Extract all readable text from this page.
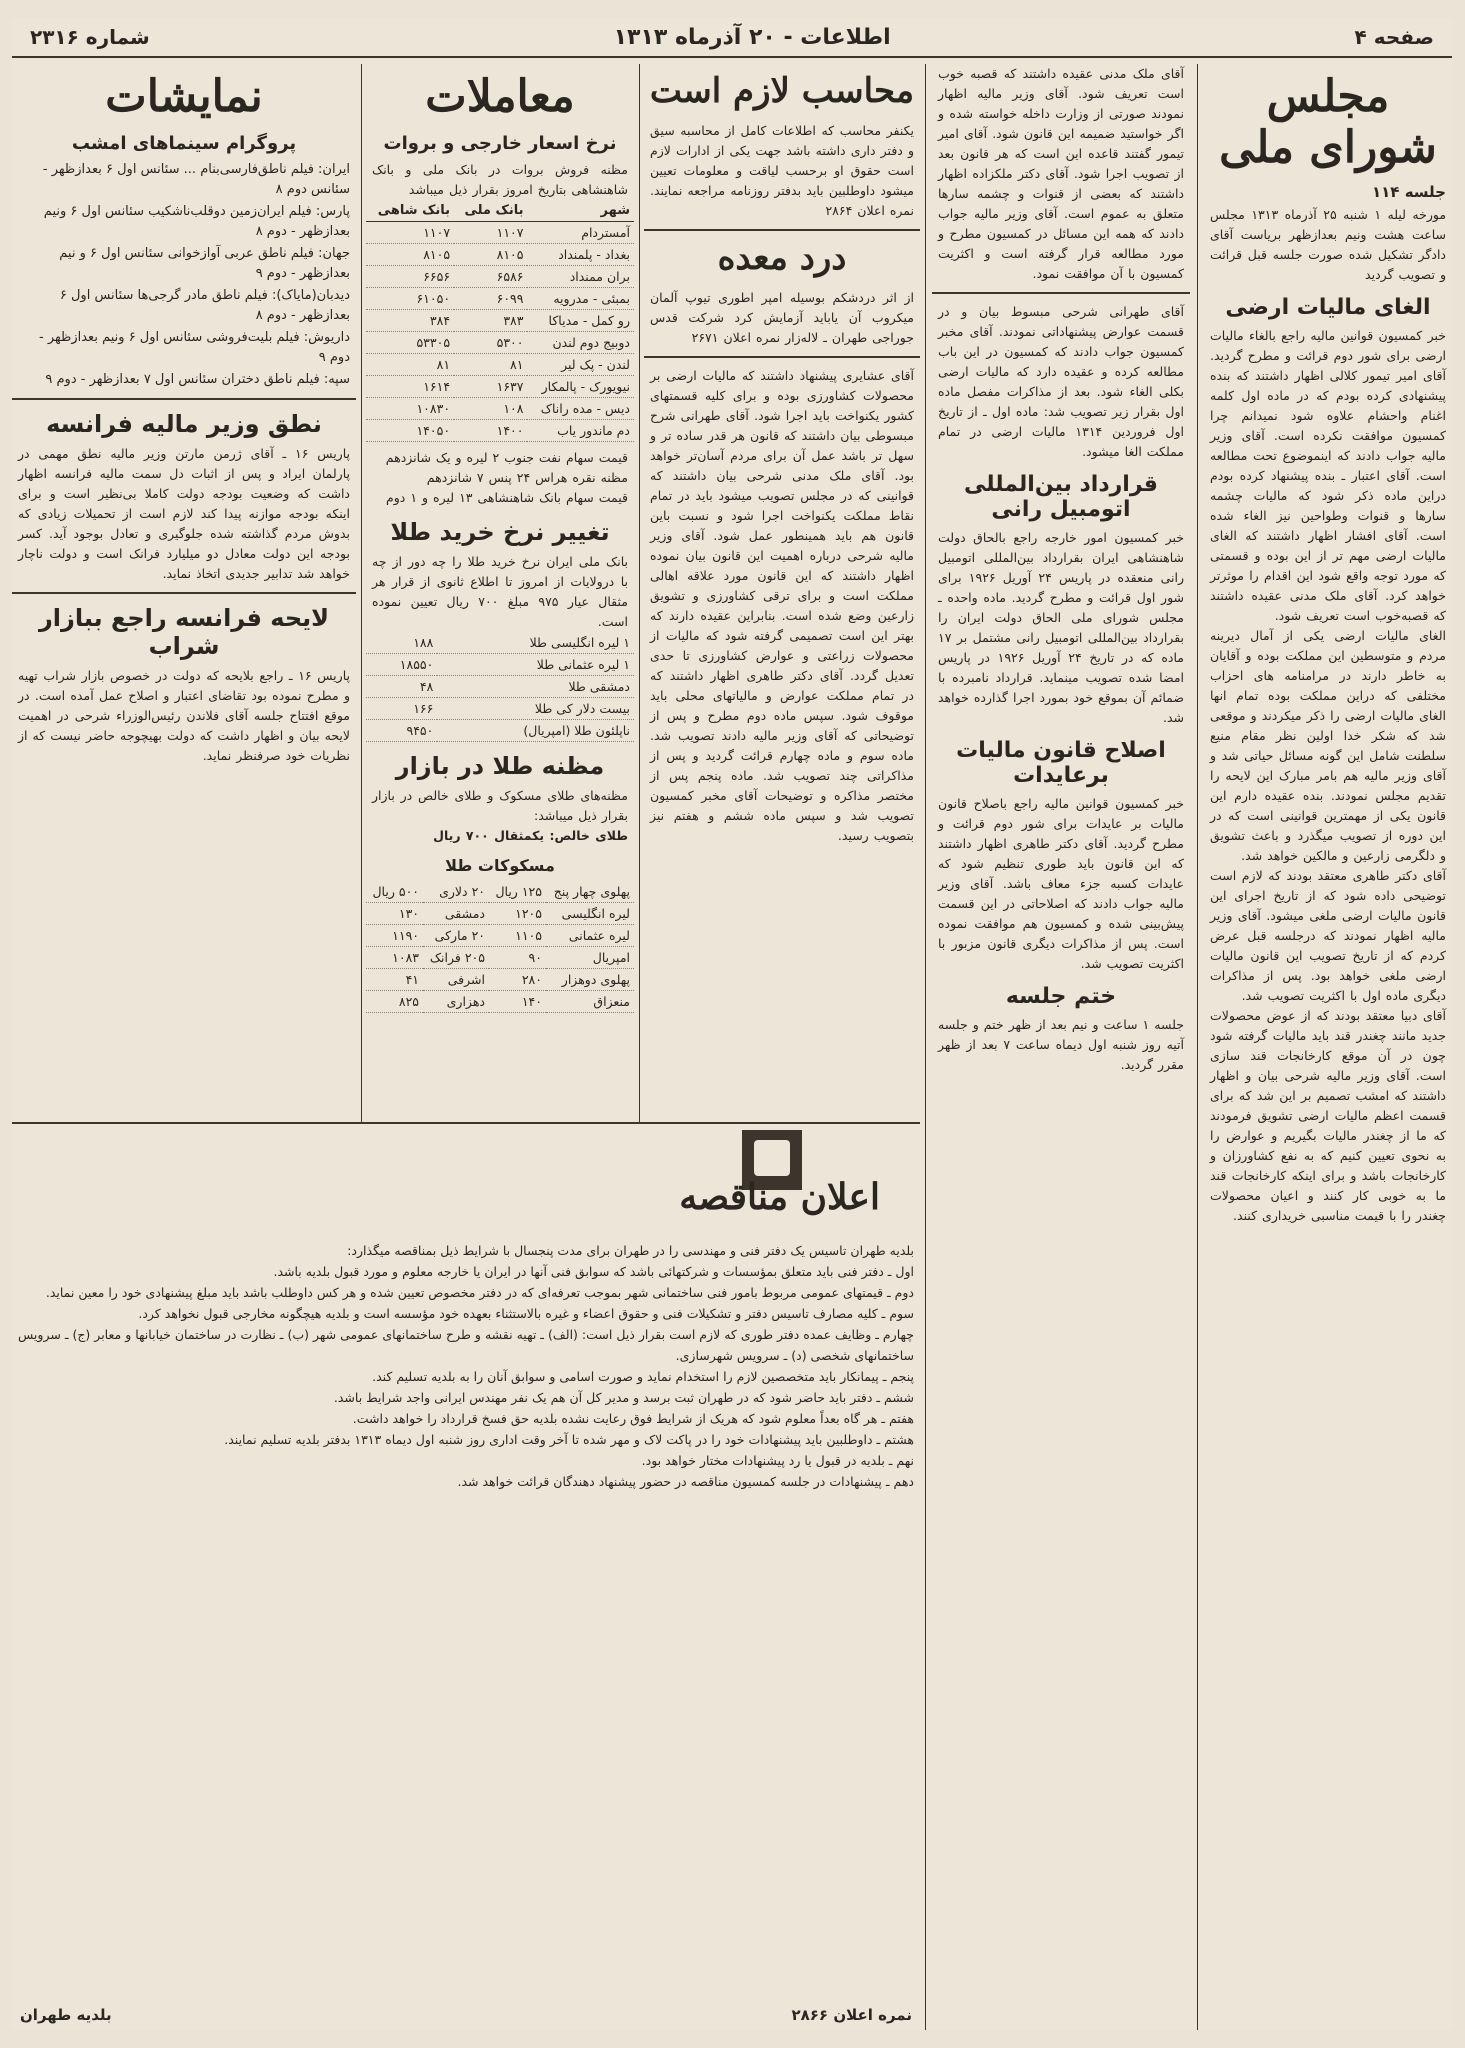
صفحه ۴
اطلاعات - ۲۰ آذرماه ۱۳۱۳
شماره ۲۳۱۶
مجلس شورای ملی
جلسه ۱۱۴
مورخه لیله ۱ شنبه ۲۵ آذرماه ۱۳۱۳ مجلس ساعت هشت ونیم بعدازظهر بریاست آقای دادگر تشکیل شده صورت جلسه قبل قرائت و تصویب گردید
الغای مالیات ارضی
خبر کمسیون قوانین مالیه راجع بالغاء مالیات ارضی برای شور دوم قرائت و مطرح گردید. آقای امیر تیمور کلالی اظهار داشتند که بنده پیشنهادی کرده بودم که در ماده اول کلمه اغنام واحشام علاوه شود نمیدانم چرا کمسیون موافقت نکرده است. آقای وزیر مالیه جواب دادند که اینموضوع تحت مطالعه است. آقای اعتبار ـ بنده پیشنهاد کرده بودم دراین ماده ذکر شود که مالیات چشمه سارها و قنوات وطواحین نیز الغاء شده است. آقای افشار اظهار داشتند که الغای مالیات ارضی مهم تر از این بوده و قسمتی که مورد توجه واقع شود این اقدام را موثرتر خواهد کرد. آقای ملک مدنی عقیده داشتند که قصبه‌خوب است تعریف شود.
الغای مالیات ارضی یکی از آمال دیرینه مردم و متوسطین این مملکت بوده و آقایان به خاطر دارند در مرامنامه های احزاب مختلفی که دراین مملکت بوده تمام انها الغای مالیات ارضی را ذکر میکردند و موقعی شد که شکر خدا اولین نظر مقام منیع سلطنت شامل این گونه مسائل حیاتی شد و آقای وزیر مالیه هم بامر مبارک این لایحه را تقدیم مجلس نمودند. بنده عقیده دارم این قانون یکی از مهمترین قوانینی است که در این دوره از تصویب میگذرد و باعث تشویق و دلگرمی زارعین و مالکین خواهد شد.
آقای دکتر طاهری معتقد بودند که لازم است توضیحی داده شود که از تاریخ اجرای این قانون مالیات ارضی ملغی میشود. آقای وزیر مالیه اظهار نمودند که درجلسه قبل عرض کردم که از تاریخ تصویب این قانون مالیات ارضی ملغی خواهد بود. پس از مذاکرات دیگری ماده اول با اکثریت تصویب شد.
آقای دبیا معتقد بودند که از عوض محصولات جدید مانند چغندر قند باید مالیات گرفته شود چون در آن موقع کارخانجات قند سازی است. آقای وزیر مالیه شرحی بیان و اظهار داشتند که امشب تصمیم بر این شد که برای قسمت اعظم مالیات ارضی تشویق فرمودند که ما از چغندر مالیات بگیریم و عوارض را به نحوی تعیین کنیم که به نفع کشاورزان و کارخانجات باشد و برای اینکه کارخانجات قند ما به خوبی کار کنند و اعیان محصولات چغندر را با قیمت مناسبی خریداری کنند.
آقای ملک مدنی عقیده داشتند که قصبه خوب است تعریف شود. آقای وزیر مالیه اظهار نمودند صورتی از وزارت داخله خواسته شده و اگر خواستید ضمیمه این قانون شود. آقای امیر تیمور گفتند قاعده این است که هر قانون بعد از تصویب اجرا شود. آقای دکتر ملکزاده اظهار داشتند که بعضی از قنوات و چشمه سارها متعلق به عموم است. آقای وزیر مالیه جواب دادند که همه این مسائل در کمسیون مطرح و مورد مطالعه قرار گرفته است و اکثریت کمسیون با آن موافقت نمود.
آقای طهرانی شرحی مبسوط بیان و در قسمت عوارض پیشنهاداتی نمودند. آقای مخبر کمسیون جواب دادند که کمسیون در این باب مطالعه کرده و عقیده دارد که مالیات ارضی بکلی الغاء شود. بعد از مذاکرات مفصل ماده اول بقرار زیر تصویب شد: ماده اول ـ از تاریخ اول فروردین ۱۳۱۴ مالیات ارضی در تمام مملکت الغا میشود.
قرارداد بین‌المللی اتومبیل رانی
خبر کمسیون امور خارجه راجع بالحاق دولت شاهنشاهی ایران بقرارداد بین‌المللی اتومبیل رانی منعقده در پاریس ۲۴ آوریل ۱۹۲۶ برای شور اول قرائت و مطرح گردید. ماده واحده ـ مجلس شورای ملی الحاق دولت ایران را بقرارداد بین‌المللی اتومبیل رانی مشتمل بر ۱۷ ماده که در تاریخ ۲۴ آوریل ۱۹۲۶ در پاریس امضا شده تصویب مینماید. قرارداد نامبرده با ضمائم آن بموقع خود بمورد اجرا گذارده خواهد شد.
اصلاح قانون مالیات برعایدات
خبر کمسیون قوانین مالیه راجع باصلاح قانون مالیات بر عایدات برای شور دوم قرائت و مطرح گردید. آقای دکتر طاهری اظهار داشتند که این قانون باید طوری تنظیم شود که عایدات کسبه جزء معاف باشد. آقای وزیر مالیه جواب دادند که اصلاحاتی در این قسمت پیش‌بینی شده و کمسیون هم موافقت نموده است. پس از مذاکرات دیگری قانون مزبور با اکثریت تصویب شد.
ختم جلسه
جلسه ۱ ساعت و نیم بعد از ظهر ختم و جلسه آتیه روز شنبه اول دیماه ساعت ۷ بعد از ظهر مقرر گردید.
محاسب لازم است
یکنفر محاسب که اطلاعات کامل از محاسبه سیق و دفتر داری داشته باشد جهت یکی از ادارات لازم است حقوق او برحسب لیاقت و معلومات تعیین میشود داوطلبین باید بدفتر روزنامه مراجعه نمایند. نمره اعلان ۲۸۶۴
درد معده
از اثر دردشکم بوسیله امپر اطوری تیوپ آلمان میکروب آن یاباید آزمایش کرد شرکت قدس جوراجی طهران ـ لاله‌زار نمره اعلان ۲۶۷۱
آقای عشایری پیشنهاد داشتند که مالیات ارضی بر محصولات کشاورزی بوده و برای کلیه قسمتهای کشور یکنواخت باید اجرا شود. آقای طهرانی شرح مبسوطی بیان داشتند که قانون هر قدر ساده تر و سهل تر باشد عمل آن برای مردم آسان‌تر خواهد بود. آقای ملک مدنی شرحی بیان داشتند که قوانینی که در مجلس تصویب میشود باید در تمام نقاط مملکت یکنواخت اجرا شود و نسبت باین قانون هم باید همینطور عمل شود. آقای وزیر مالیه شرحی درباره اهمیت این قانون بیان نموده اظهار داشتند که این قانون مورد علاقه اهالی مملکت است و برای ترقی کشاورزی و تشویق زارعین وضع شده است. بنابراین عقیده دارند که بهتر این است تصمیمی گرفته شود که مالیات از محصولات زراعتی و عوارض کشاورزی تا حدی تعدیل گردد. آقای دکتر طاهری اظهار داشتند که در تمام مملکت عوارض و مالیاتهای محلی باید موقوف شود. سپس ماده دوم مطرح و پس از توضیحاتی که آقای وزیر مالیه دادند تصویب شد. ماده سوم و ماده چهارم قرائت گردید و پس از مذاکراتی چند تصویب شد. ماده پنجم پس از مختصر مذاکره و توضیحات آقای مخبر کمسیون تصویب شد و سپس ماده ششم و هفتم نیز بتصویب رسید.
معاملات
نرخ اسعار خارجی و بروات
مظنه فروش بروات در بانک ملی و بانک شاهنشاهی بتاریخ امروز بقرار ذیل میباشد
شهر	بانک ملی	بانک شاهی
آمستردام	۱۱۰۷	۱۱۰۷
بغداد - پلمنداد	۸۱۰۵	۸۱۰۵
بران ممنداد	۶۵۸۶	۶۶۵۶
بمبئی - مدرویه	۶۰۹۹	۶۱۰۵۰
رو کمل - مدیاکا	۳۸۳	۳۸۴
دوبیج دوم لندن	۵۳۰۰	۵۳۳۰۵
لندن - پک لیر	۸۱	۸۱
نیویورک - پالمکار	۱۶۳۷	۱۶۱۴
دیس - مده راناک	۱۰۸	۱۰۸۳۰
دم ماندور یاب	۱۴۰۰	۱۴۰۵۰
قیمت سهام نفت جنوب ۲ لیره و یک شانزدهم
مظنه نقره هراس ۲۴ پنس ۷ شانزدهم
قیمت سهام بانک شاهنشاهی ۱۳ لیره و ۱ دوم
تغییر نرخ خرید طلا
بانک ملی ایران نرخ خرید طلا را چه دور از چه با درولایات از امروز تا اطلاع ثانوی از قرار هر مثقال عیار ۹۷۵ مبلغ ۷۰۰ ریال تعیین نموده است.
۱ لیره انگلیسی طلا	۱۸۸
۱ لیره عثمانی طلا	۱۸۵۵۰
دمشقی طلا	۴۸
بیست دلار کی طلا	۱۶۶
ناپلئون طلا (امپریال)	۹۴۵۰
مظنه طلا در بازار
مظنه‌های طلای مسکوک و طلای خالص در بازار بقرار ذیل میباشد:
طلای خالص: یکمثقال ۷۰۰ ریال
مسکوکات طلا
پهلوی چهار پنج	۱۲۵ ریال	۲۰ دلاری	۵۰۰ ریال
لیره انگلیسی	۱۲۰۵	دمشقی	۱۳۰
لیره عثمانی	۱۱۰۵	۲۰ مارکی	۱۱۹۰
امپریال	۹۰	۲۰۵ فرانک	۱۰۸۳
پهلوی دوهزار	۲۸۰	اشرفی	۴۱
منعزاق	۱۴۰	دهزاری	۸۲۵
نمایشات
پروگرام سینماهای امشب
ایران: فیلم ناطق‌فارسی‌بنام ... سئانس اول ۶ بعدازظهر - سئانس دوم ۸
پارس: فیلم ایران‌زمین دوقلب‌ناشکیب سئانس اول ۶ ونیم بعدازظهر - دوم ۸
جهان: فیلم ناطق عربی آوازخوانی سئانس اول ۶ و نیم بعدازظهر - دوم ۹
دیدبان(مایاک): فیلم ناطق مادر گرجی‌ها سئانس اول ۶ بعدازظهر - دوم ۸
داریوش: فیلم بلیت‌فروشی سئانس اول ۶ ونیم بعدازظهر - دوم ۹
سپه: فیلم ناطق دختر‌ان سئانس اول ۷ بعدازظهر - دوم ۹
نطق وزیر مالیه فرانسه
پاریس ۱۶ ـ آقای ژرمن مارتن وزیر مالیه نطق مهمی در پارلمان ایراد و پس از اثبات دل سمت مالیه فرانسه اظهار داشت که وضعیت بودجه دولت کاملا بی‌نظیر است و برای اینکه بودجه موازنه پیدا کند لازم است از تحمیلات زیادی که بدوش مردم گذاشته شده جلوگیری و تعادل بوجود آید. کسر بودجه این دولت معادل دو میلیارد فرانک است و دولت ناچار خواهد شد تدابیر جدیدی اتخاذ نماید.
لایحه فرانسه راجع ببازار شراب
پاریس ۱۶ ـ راجع بلایحه که دولت در خصوص بازار شراب تهیه و مطرح نموده بود تقاضای اعتبار و اصلاح عمل آمده است. در موقع افتتاح جلسه آقای فلاندن رئیس‌الوزراء شرحی در اهمیت لایحه بیان و اظهار داشت که دولت بهیچوجه حاضر نیست که از نظریات خود صرفنظر نماید.
اعلان مناقصه
بلدیه طهران تاسیس یک دفتر فنی و مهندسی را در طهران برای مدت پنجسال با شرایط ذیل بمناقصه میگذارد:
اول ـ دفتر فنی باید متعلق بمؤسسات و شرکتهائی باشد که سوابق فنی آنها در ایران یا خارجه معلوم و مورد قبول بلدیه باشد.
دوم ـ قیمتهای عمومی مربوط بامور فنی ساختمانی شهر بموجب تعرفه‌ای که در دفتر مخصوص تعیین شده و هر کس داوطلب باشد باید مبلغ پیشنهادی خود را معین نماید.
سوم ـ کلیه مصارف تاسیس دفتر و تشکیلات فنی و حقوق اعضاء و غیره بالاستثناء بعهده خود مؤسسه است و بلدیه هیچگونه مخارجی قبول نخواهد کرد.
چهارم ـ وظایف عمده دفتر طوری که لازم است بقرار ذیل است: (الف) ـ تهیه نقشه و طرح ساختمانهای عمومی شهر (ب) ـ نظارت در ساختمان خیابانها و معابر (ج) ـ سرویس ساختمانهای شخصی (د) ـ سرویس شهرسازی.
پنجم ـ پیمانکار باید متخصصین لازم را استخدام نماید و صورت اسامی و سوابق آنان را به بلدیه تسلیم کند.
ششم ـ دفتر باید حاضر شود که در طهران ثبت برسد و مدیر کل آن هم یک نفر مهندس ایرانی واجد شرایط باشد.
هفتم ـ هر گاه بعداً معلوم شود که هریک از شرایط فوق رعایت نشده بلدیه حق فسخ قرارداد را خواهد داشت.
هشتم ـ داوطلبین باید پیشنهادات خود را در پاکت لاک و مهر شده تا آخر وقت اداری روز شنبه اول دیماه ۱۳۱۳ بدفتر بلدیه تسلیم نمایند.
نهم ـ بلدیه در قبول یا رد پیشنهادات مختار خواهد بود.
دهم ـ پیشنهادات در جلسه کمسیون مناقصه در حضور پیشنهاد دهندگان قرائت خواهد شد.
نمره اعلان ۲۸۶۶
بلدیه طهران
